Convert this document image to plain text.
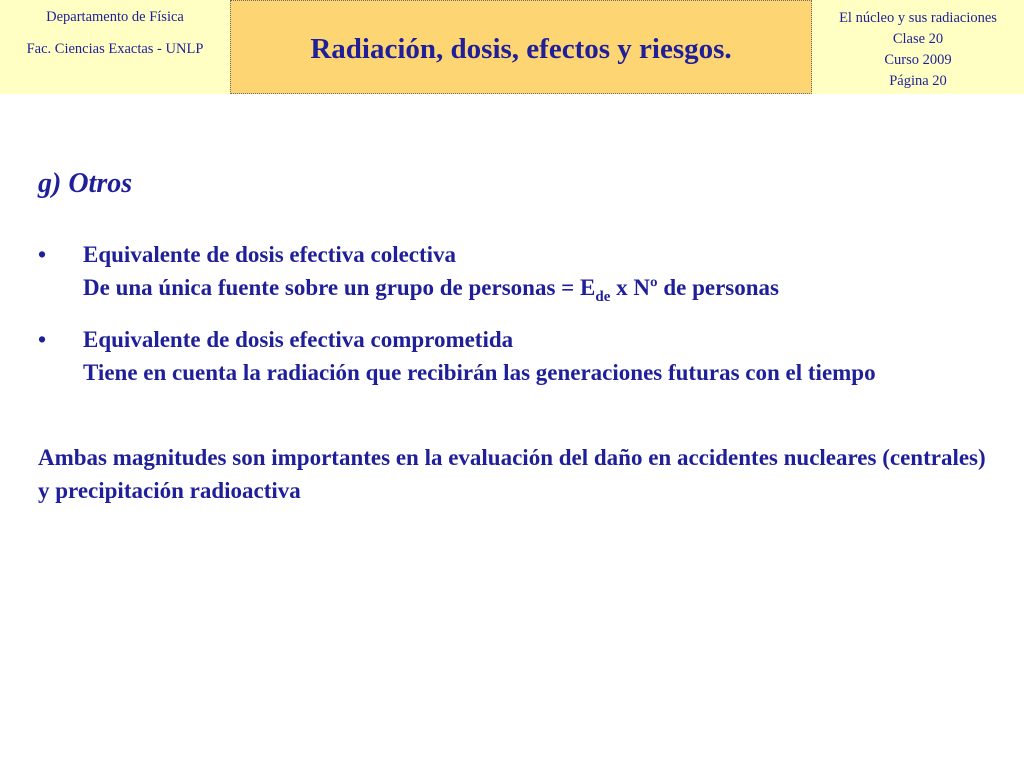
Departamento de Física
Fac. Ciencias Exactas - UNLP	Radiación, dosis, efectos y riesgos.
El núcleo y sus radiaciones
Clase 20
Curso 2009
Página 20
g) Otros
• Equivalente de dosis efectiva colectiva
De una única fuente sobre un grupo de personas = $E_{de}$ x Nº de personas
• Equivalente de dosis efectiva comprometida
Tiene en cuenta la radiación que recibirán las generaciones futuras con el tiempo
Ambas magnitudes son importantes en la evaluación del daño en accidentes nucleares (centrales) y precipitación radioactiva
